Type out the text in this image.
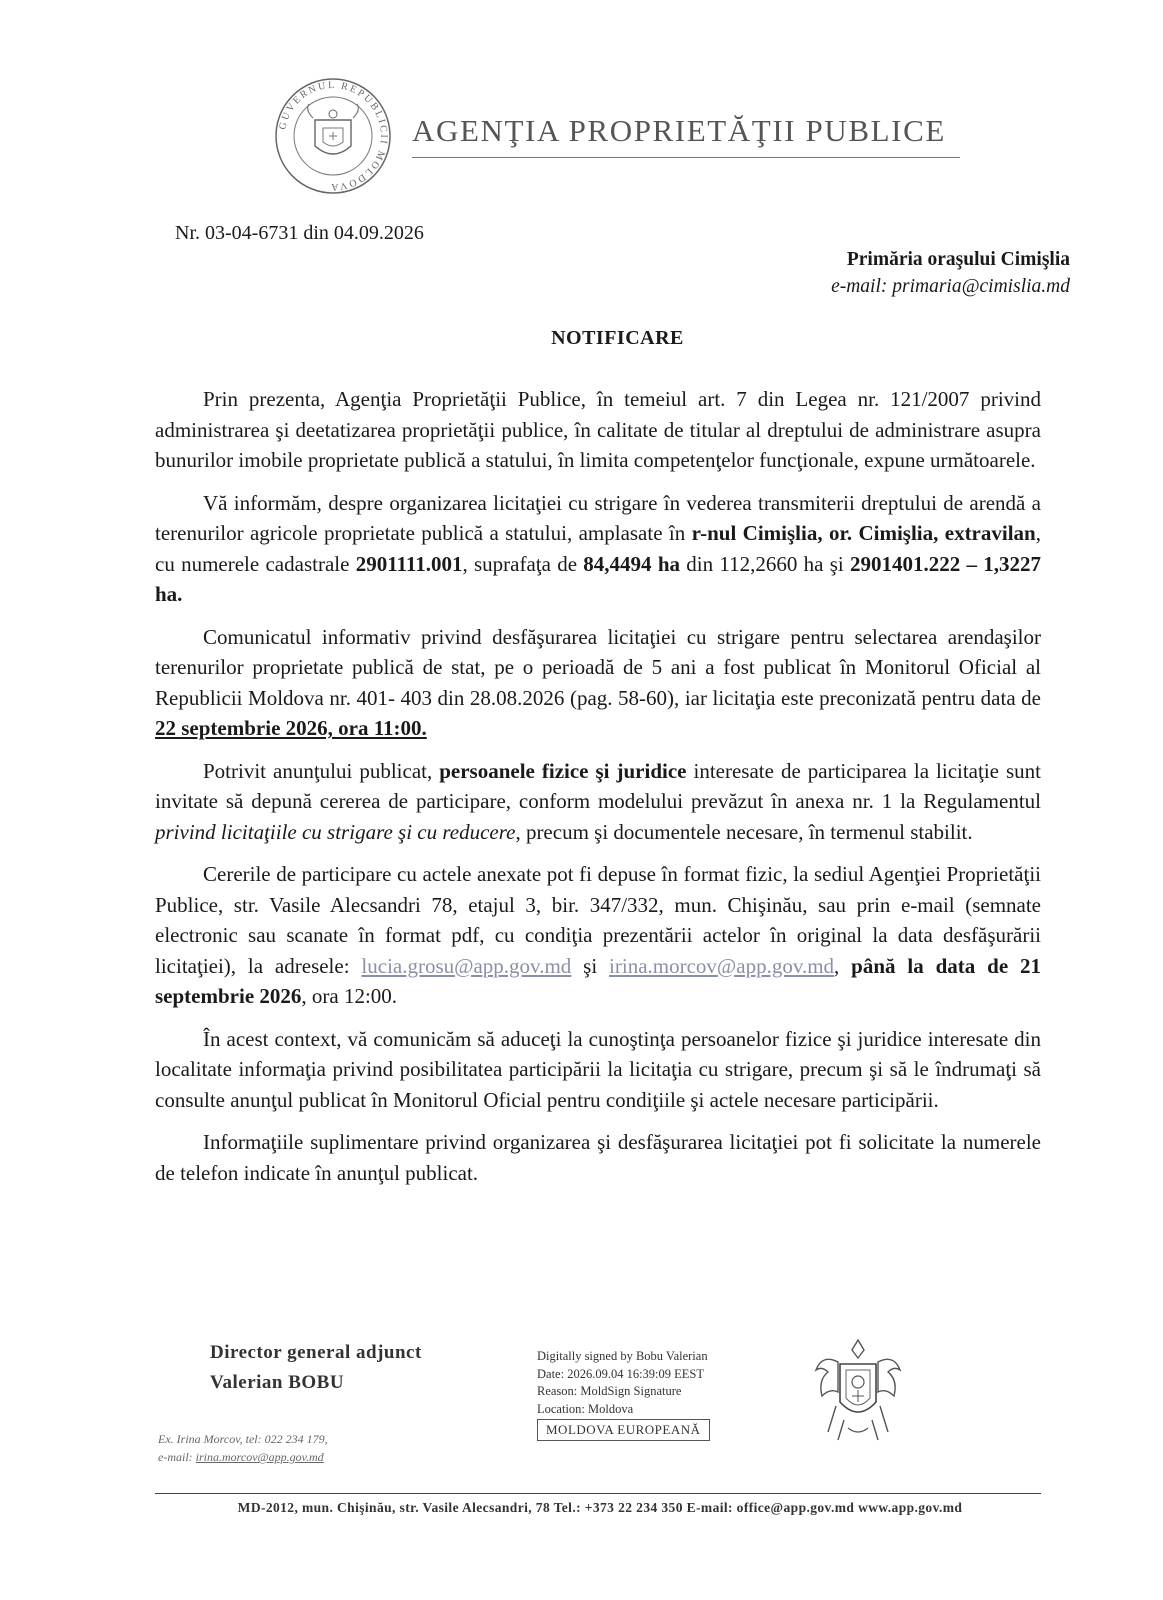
GUVERNUL REPUBLICII MOLDOVA
AGENŢIA PROPRIETĂŢII PUBLICE
Nr. 03-04-6731 din 04.09.2026
Primăria oraşului Cimişlia
e-mail: primaria@cimislia.md
NOTIFICARE

Prin prezenta, Agenţia Proprietăţii Publice, în temeiul art. 7 din Legea nr. 121/2007 privind administrarea şi deetatizarea proprietăţii publice, în calitate de titular al dreptului de administrare asupra bunurilor imobile proprietate publică a statului, în limita competenţelor funcţionale, expune următoarele.

Vă informăm, despre organizarea licitaţiei cu strigare în vederea transmiterii dreptului de arendă a terenurilor agricole proprietate publică a statului, amplasate în r-nul Cimişlia, or. Cimişlia, extravilan, cu numerele cadastrale 2901111.001, suprafaţa de 84,4494 ha din 112,2660 ha şi 2901401.222 – 1,3227 ha.

Comunicatul informativ privind desfăşurarea licitaţiei cu strigare pentru selectarea arendaşilor terenurilor proprietate publică de stat, pe o perioadă de 5 ani a fost publicat în Monitorul Oficial al Republicii Moldova nr. 401- 403 din 28.08.2026 (pag. 58-60), iar licitaţia este preconizată pentru data de 22 septembrie 2026, ora 11:00.

Potrivit anunţului publicat, persoanele fizice şi juridice interesate de participarea la licitaţie sunt invitate să depună cererea de participare, conform modelului prevăzut în anexa nr. 1 la Regulamentul privind licitaţiile cu strigare şi cu reducere, precum şi documentele necesare, în termenul stabilit.

Cererile de participare cu actele anexate pot fi depuse în format fizic, la sediul Agenţiei Proprietăţii Publice, str. Vasile Alecsandri 78, etajul 3, bir. 347/332, mun. Chişinău, sau prin e-mail (semnate electronic sau scanate în format pdf, cu condiţia prezentării actelor în original la data desfăşurării licitaţiei), la adresele: lucia.grosu@app.gov.md şi irina.morcov@app.gov.md, până la data de 21 septembrie 2026, ora 12:00.

În acest context, vă comunicăm să aduceţi la cunoştinţa persoanelor fizice şi juridice interesate din localitate informaţia privind posibilitatea participării la licitaţia cu strigare, precum şi să le îndrumaţi să consulte anunţul publicat în Monitorul Oficial pentru condiţiile şi actele necesare participării.

Informaţiile suplimentare privind organizarea şi desfăşurarea licitaţiei pot fi solicitate la numerele de telefon indicate în anunţul publicat.

Director general adjunct
Valerian BOBU
Ex. Irina Morcov, tel: 022 234 179,
e-mail: irina.morcov@app.gov.md
Digitally signed by Bobu Valerian
Date: 2026.09.04 16:39:09 EEST
Reason: MoldSign Signature
Location: Moldova
MOLDOVA EUROPEANĂ
MD-2012, mun. Chişinău, str. Vasile Alecsandri, 78 Tel.: +373 22 234 350 E-mail: office@app.gov.md www.app.gov.md
